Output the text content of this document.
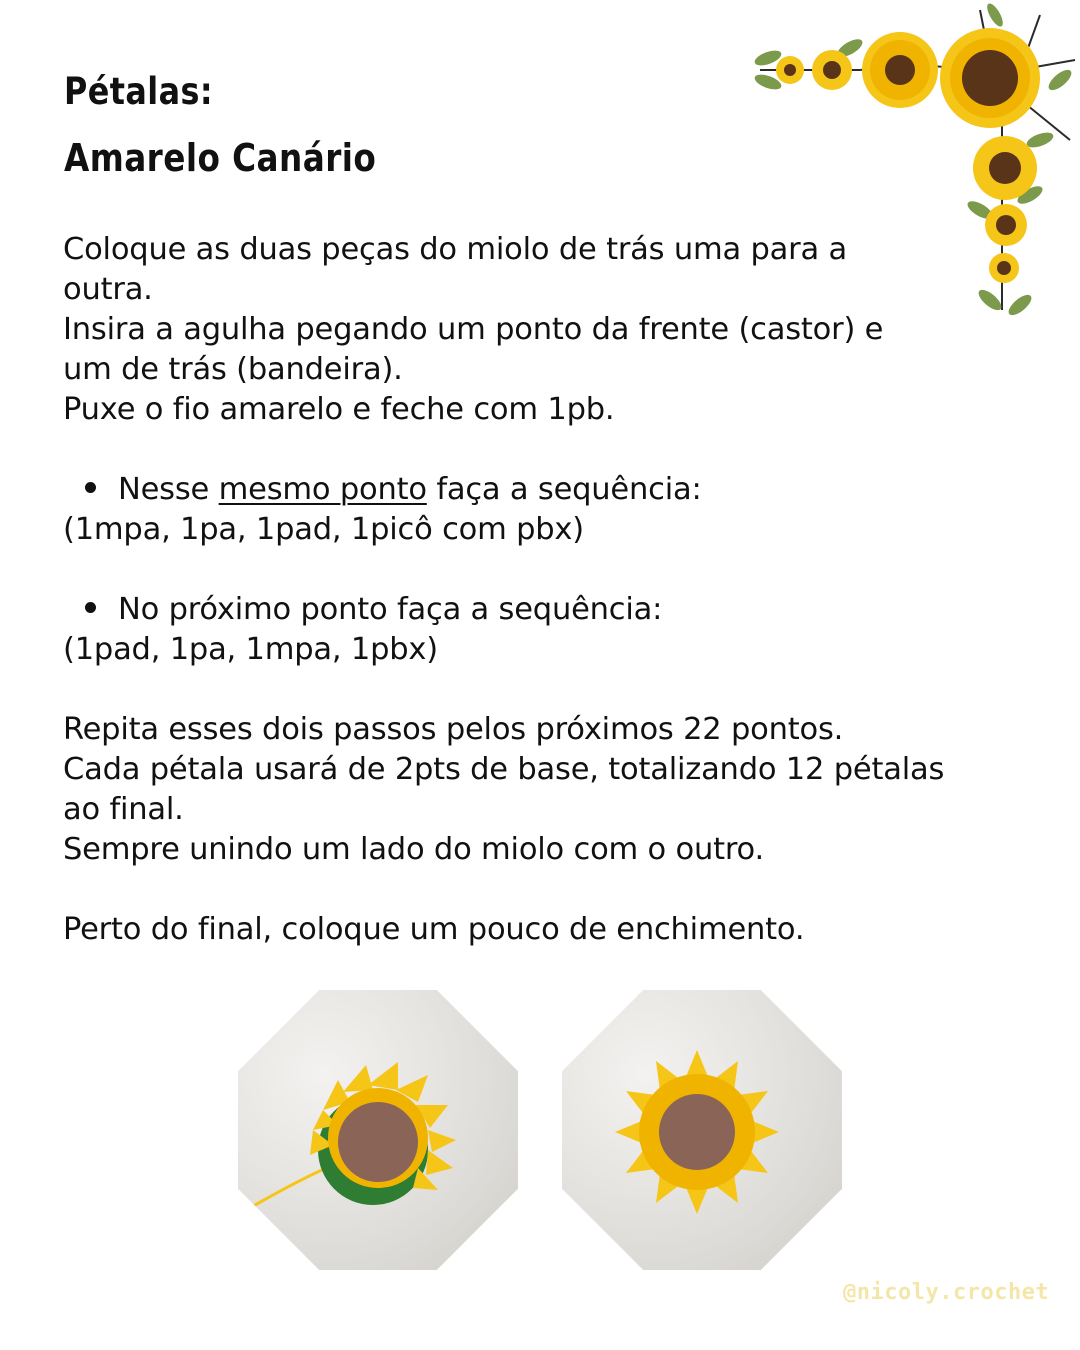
Pétalas:
Amarelo Canário
Coloque as duas peças do miolo de trás uma para a
outra.
Insira a agulha pegando um ponto da frente (castor) e
um de trás (bandeira).
Puxe o fio amarelo e feche com 1pb.
Nesse mesmo ponto faça a sequência:
(1mpa, 1pa, 1pad, 1picô com pbx)
No próximo ponto faça a sequência:
(1pad, 1pa, 1mpa, 1pbx)
Repita esses dois passos pelos próximos 22 pontos.
Cada pétala usará de 2pts de base, totalizando 12 pétalas
ao final.
Sempre unindo um lado do miolo com o outro.
Perto do final, coloque um pouco de enchimento.
@nicoly.crochet
